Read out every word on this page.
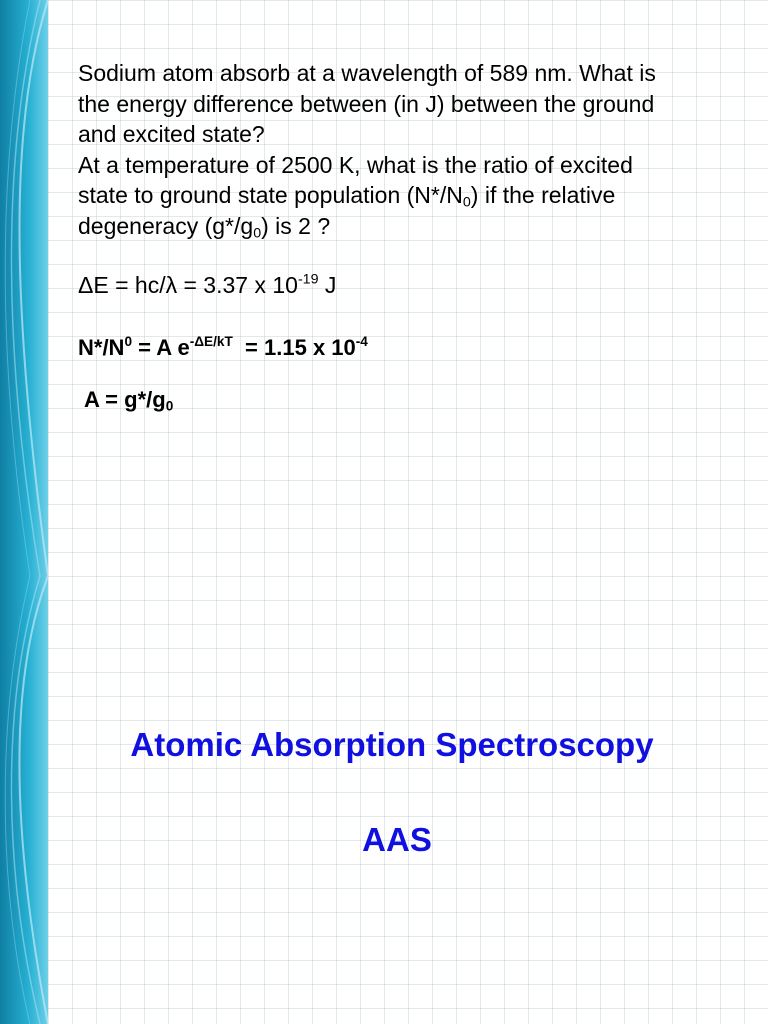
Sodium atom absorb at a wavelength of 589 nm. What is
the energy difference between (in J) between the ground
and excited state?
At a temperature of 2500 K, what is the ratio of excited
state to ground state population $(N*/N_0)$ if the relative
degeneracy $(g*/g_0)$ is 2 ?
ΔE = hc/λ = 3.37 x $10^{-19}$ J
$N*/N^0 = A$ $e^{-\Delta E/kT} = 1.15$ x $10^{-4}$
$A = g*/g_0$
Atomic Absorption Spectroscopy
AAS
